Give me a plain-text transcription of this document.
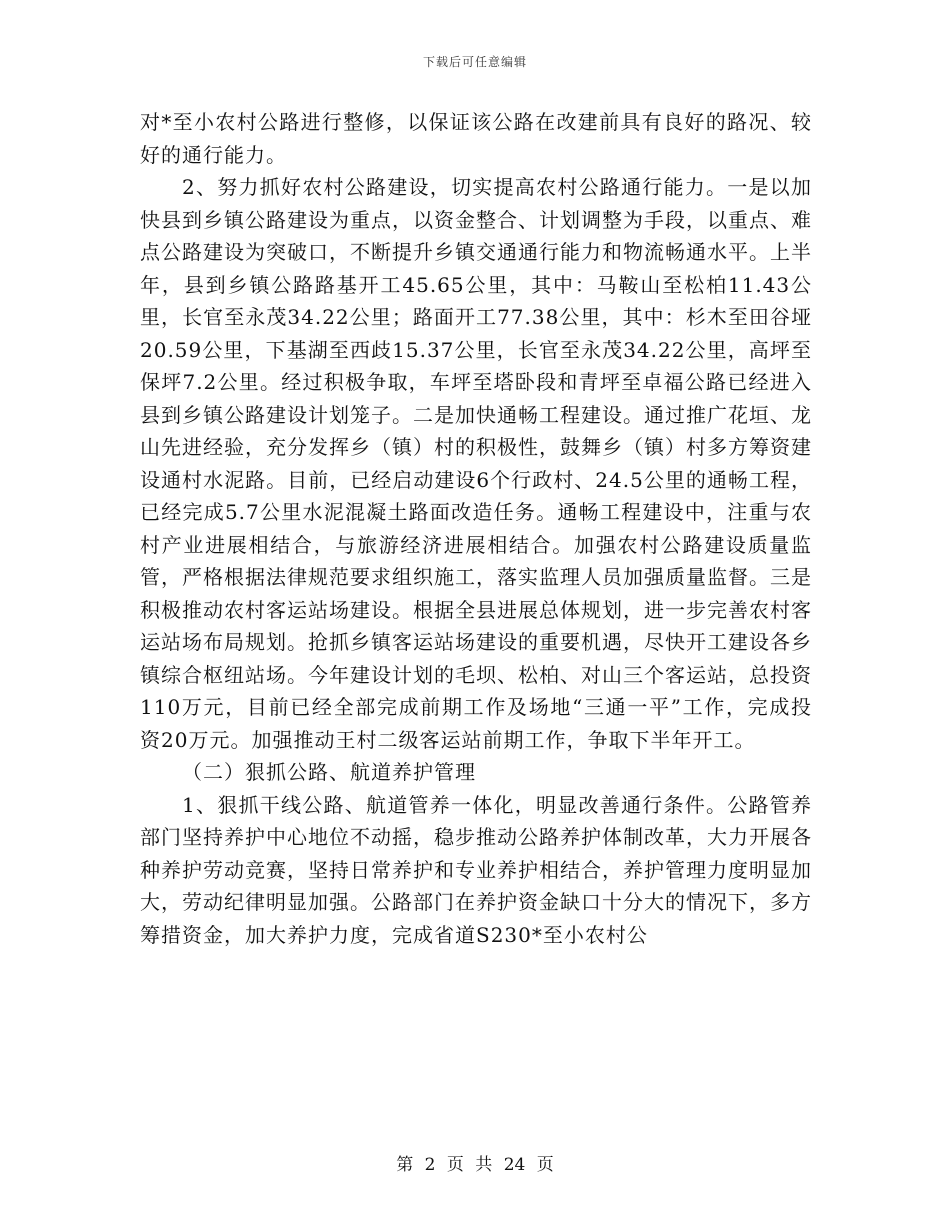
下载后可任意编辑

对*至小农村公路进行整修，以保证该公路在改建前具有良好的路况、较好的通行能力。

2、努力抓好农村公路建设，切实提高农村公路通行能力。一是以加快县到乡镇公路建设为重点，以资金整合、计划调整为手段，以重点、难点公路建设为突破口，不断提升乡镇交通通行能力和物流畅通水平。上半年，县到乡镇公路路基开工45.65公里，其中：马鞍山至松柏11.43公里，长官至永茂34.22公里；路面开工77.38公里，其中：杉木至田谷垭20.59公里，下基湖至西歧15.37公里，长官至永茂34.22公里，高坪至保坪7.2公里。经过积极争取，车坪至塔卧段和青坪至卓福公路已经进入县到乡镇公路建设计划笼子。二是加快通畅工程建设。通过推广花垣、龙山先进经验，充分发挥乡（镇）村的积极性，鼓舞乡（镇）村多方筹资建设通村水泥路。目前，已经启动建设6个行政村、24.5公里的通畅工程，已经完成5.7公里水泥混凝土路面改造任务。通畅工程建设中，注重与农村产业进展相结合，与旅游经济进展相结合。加强农村公路建设质量监管，严格根据法律规范要求组织施工，落实监理人员加强质量监督。三是积极推动农村客运站场建设。根据全县进展总体规划，进一步完善农村客运站场布局规划。抢抓乡镇客运站场建设的重要机遇，尽快开工建设各乡镇综合枢纽站场。今年建设计划的毛坝、松柏、对山三个客运站，总投资110万元，目前已经全部完成前期工作及场地“三通一平”工作，完成投资20万元。加强推动王村二级客运站前期工作，争取下半年开工。

（二）狠抓公路、航道养护管理

1、狠抓干线公路、航道管养一体化，明显改善通行条件。公路管养部门坚持养护中心地位不动摇，稳步推动公路养护体制改革，大力开展各种养护劳动竞赛，坚持日常养护和专业养护相结合，养护管理力度明显加大，劳动纪律明显加强。公路部门在养护资金缺口十分大的情况下，多方筹措资金，加大养护力度，完成省道S230*至小农村公

第 2 页 共 24 页
